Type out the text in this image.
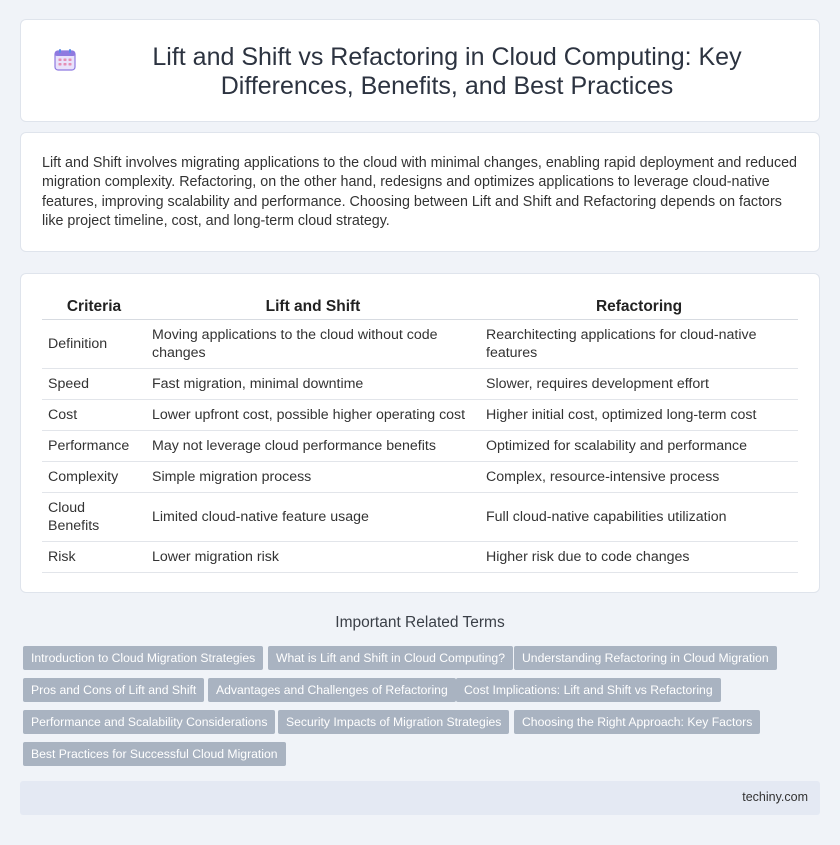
Lift and Shift vs Refactoring in Cloud Computing: Key Differences, Benefits, and Best Practices

Lift and Shift involves migrating applications to the cloud with minimal changes, enabling rapid deployment and reduced migration complexity. Refactoring, on the other hand, redesigns and optimizes applications to leverage cloud-native features, improving scalability and performance. Choosing between Lift and Shift and Refactoring depends on factors like project timeline, cost, and long-term cloud strategy.

Criteria	Lift and Shift	Refactoring
Definition	Moving applications to the cloud without code changes	Rearchitecting applications for cloud-native features
Speed	Fast migration, minimal downtime	Slower, requires development effort
Cost	Lower upfront cost, possible higher operating cost	Higher initial cost, optimized long-term cost
Performance	May not leverage cloud performance benefits	Optimized for scalability and performance
Complexity	Simple migration process	Complex, resource-intensive process
Cloud Benefits	Limited cloud-native feature usage	Full cloud-native capabilities utilization
Risk	Lower migration risk	Higher risk due to code changes
Important Related Terms
Introduction to Cloud Migration Strategies	What is Lift and Shift in Cloud Computing?	Understanding Refactoring in Cloud Migration
Pros and Cons of Lift and Shift	Advantages and Challenges of Refactoring	Cost Implications: Lift and Shift vs Refactoring
Performance and Scalability Considerations	Security Impacts of Migration Strategies	Choosing the Right Approach: Key Factors
Best Practices for Successful Cloud Migration
techiny.com
